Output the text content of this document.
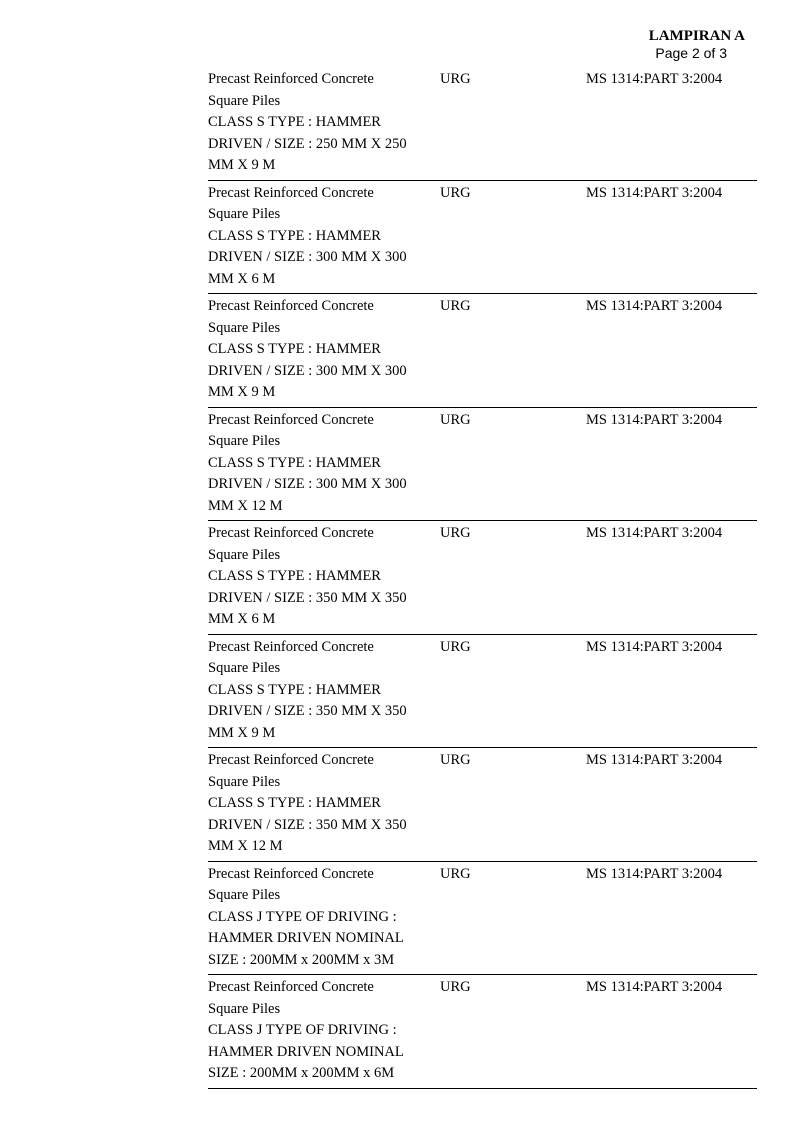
LAMPIRAN A
Page 2 of 3
Precast Reinforced Concrete
Square Piles
CLASS S TYPE : HAMMER
DRIVEN / SIZE : 250 MM X 250
MM X 9 M
URG	MS 1314:PART 3:2004
Precast Reinforced Concrete
Square Piles
CLASS S TYPE : HAMMER
DRIVEN / SIZE : 300 MM X 300
MM X 6 M
URG	MS 1314:PART 3:2004
Precast Reinforced Concrete
Square Piles
CLASS S TYPE : HAMMER
DRIVEN / SIZE : 300 MM X 300
MM X 9 M
URG	MS 1314:PART 3:2004
Precast Reinforced Concrete
Square Piles
CLASS S TYPE : HAMMER
DRIVEN / SIZE : 300 MM X 300
MM X 12 M
URG	MS 1314:PART 3:2004
Precast Reinforced Concrete
Square Piles
CLASS S TYPE : HAMMER
DRIVEN / SIZE : 350 MM X 350
MM X 6 M
URG	MS 1314:PART 3:2004
Precast Reinforced Concrete
Square Piles
CLASS S TYPE : HAMMER
DRIVEN / SIZE : 350 MM X 350
MM X 9 M
URG	MS 1314:PART 3:2004
Precast Reinforced Concrete
Square Piles
CLASS S TYPE : HAMMER
DRIVEN / SIZE : 350 MM X 350
MM X 12 M
URG	MS 1314:PART 3:2004
Precast Reinforced Concrete
Square Piles
CLASS J TYPE OF DRIVING :
HAMMER DRIVEN NOMINAL
SIZE : 200MM x 200MM x 3M
URG	MS 1314:PART 3:2004
Precast Reinforced Concrete
Square Piles
CLASS J TYPE OF DRIVING :
HAMMER DRIVEN NOMINAL
SIZE : 200MM x 200MM x 6M
URG	MS 1314:PART 3:2004
